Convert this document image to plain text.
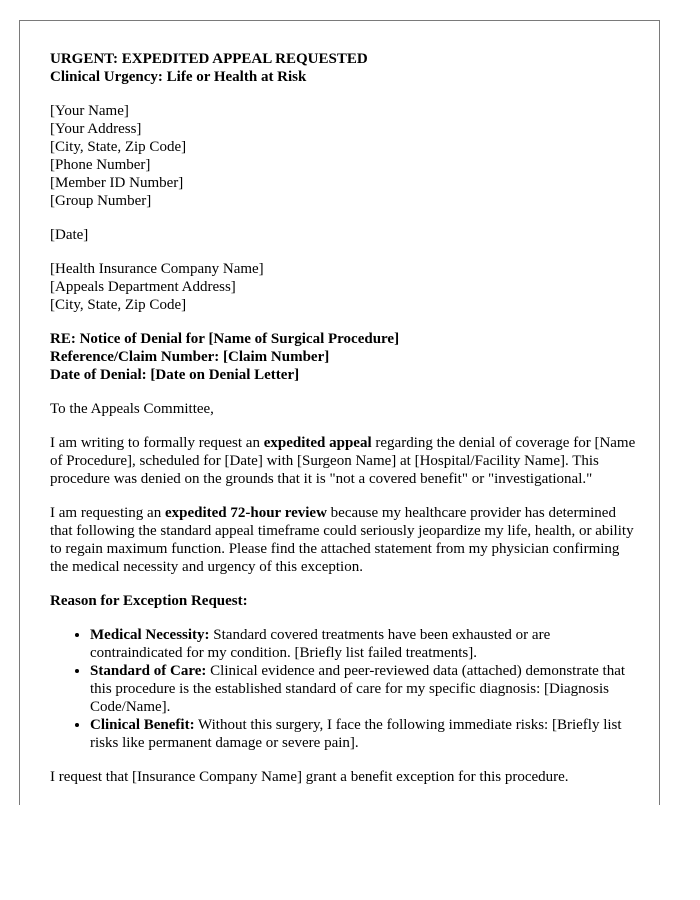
URGENT: EXPEDITED APPEAL REQUESTED
Clinical Urgency: Life or Health at Risk
[Your Name]
[Your Address]
[City, State, Zip Code]
[Phone Number]
[Member ID Number]
[Group Number]
[Date]
[Health Insurance Company Name]
[Appeals Department Address]
[City, State, Zip Code]
RE: Notice of Denial for [Name of Surgical Procedure]
Reference/Claim Number: [Claim Number]
Date of Denial: [Date on Denial Letter]

To the Appeals Committee,

I am writing to formally request an expedited appeal regarding the denial of coverage for [Name of Procedure], scheduled for [Date] with [Surgeon Name] at [Hospital/Facility Name]. This procedure was denied on the grounds that it is "not a covered benefit" or "investigational."

I am requesting an expedited 72-hour review because my healthcare provider has determined that following the standard appeal timeframe could seriously jeopardize my life, health, or ability to regain maximum function. Please find the attached statement from my physician confirming the medical necessity and urgency of this exception.

Reason for Exception Request:

• Medical Necessity: Standard covered treatments have been exhausted or are contraindicated for my condition. [Briefly list failed treatments].
• Standard of Care: Clinical evidence and peer-reviewed data (attached) demonstrate that this procedure is the established standard of care for my specific diagnosis: [Diagnosis Code/Name].
• Clinical Benefit: Without this surgery, I face the following immediate risks: [Briefly list risks like permanent damage or severe pain].

I request that [Insurance Company Name] grant a benefit exception for this procedure.
